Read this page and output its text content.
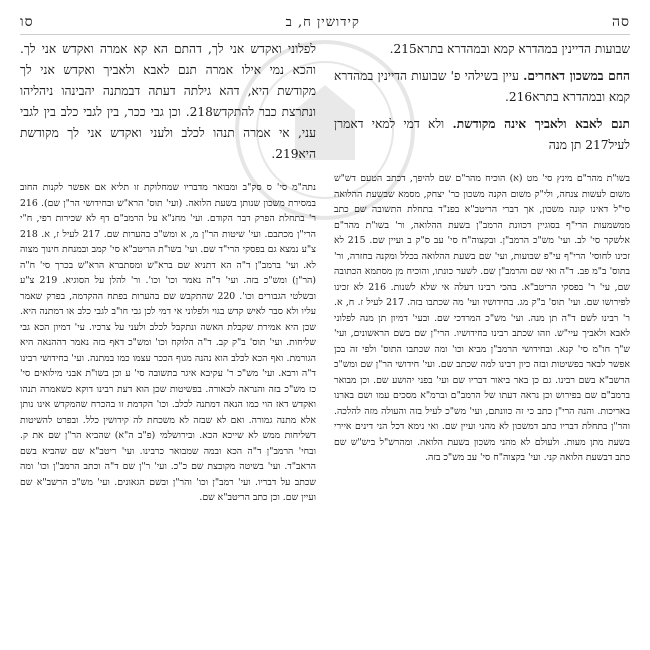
סה
קידושין ח, ב
סו

שבועות הדיינין במהדרא קמא ובמהדרא בתרא215.

החם במשכון דאחרים. עיין בשילהי פ' שבועות הדיינין במהדרא קמא ובמהדרא בתרא216.

תנם לאבא ולאביך אינה מקודשת. ולא דמי למאי דאמרן לעיל217 תן מנה

בשו"ת מהר"ם מינץ סי' מט (א) הוכיח מהר"ם שם להיפך, דכתב הטעם דש"ש משום לעשות צנחה, ולי"ק משום הקנה משכון כר' יצחק, מסמא שבשעת ההלואה סי"ל דאינו קונה משכון, אך דברי הריטב"א בפנ"ד בתחלת התשובה שם כתב ממשמעות הרי"ף בסוגיין דכוונת הרמב"ן בשעת ההלואה, ור' בשו"ת מהר"ם אלשקר סי' לב. ועי' מש"כ הרמב"ן. ובקצוה"ח סי' עב ס"ק ב ועיין שם. 215 לא זכינו לחוסי' הרי"ף עי"פ שבועות, ועי' שם בשעת ההלואה בכלל ומקנה בחזרה, ור' בתוס' ב"מ פב. ד"ה ואי שם והרמב"ן שם. לשער כונתו, והוכיח מן מסתמא הכתובה שם, עי' ר' בפסקי הריטב"א. בהכי רבינו דעלה אי שלא לשנות. 216 לא זכינו לפירושו שם. ועי' תוס' ב"ק מג. בחידושיו ועי' מה שכתבו בזה. 217 לעיל ז. ח, א. ר' רבינו לשם ד"ה תן מנה. ועי' מש"כ המרדכי שם. ובעי' דמיון תן מנה לפלוני לאבא ולאביך עיי"ש. וזהו שכתב רבינו בחידושיו. הרי"ן שם בשם הראשונים, ועי' ש"ך חו"מ סי' קנא. ובחידושי הרמב"ן מביא וכו' ומה שכתבו התוס' ולפי זה בכן אפשר לבאר בפשיטות ובזה כיון רבינו למה שכתב שם. ועי' חידושי הר"ן שם ומש"כ הרשב"א בשם רבינו. גם כן באר ביאור דבריו שם ועי' בפני יהושע שם. וכן מבואר ברמב"ם שם בפירוש וכן נראה דעתו של הרמב"ם וברמ"א מסכים עמו ושם בארנו באריכות. והנה הרי"ן כתב כי זה כוונתם, ועי' מש"כ לעיל בזה והעולה מזה להלכה. והר"ן בתחלת דבריו כתב דמשכון לא מהני ועיין שם. ואי נימא דכל הני דינים איירי בשעת מתן מעות. ולעולם לא מהני משכון בשעת הלואה. ומהרש"ל ביש"ש שם כתב דבשעת הלואה קני. ועי' בקצוה"ח סי' עב מש"כ בזה.

לפלוני ואקדש אני לך, דהתם הא קא אמרה ואקדש אני לך. והכא נמי אילו אמרה תנם לאבא ולאביך ואקדש אני לך מקודשת היא, דהא גילתה דעתה דבמתנה יהבינהו ניהליהו ונתרצת כבר להתקדש218. וכן גבי ככר, בין לגבי כלב בין לגבי עני, אי אמרה תנהו לכלב ולעני ואקדש אני לך מקודשת היא219.

נתה"מ סי' ס סק"ב ומבואר מדבריו שמחלוקת זו תליא אם אפשר לקנות החוב במסירת משכון שנותן בשעת הלואה. (ועי' תוס' הרא"ש ובחידושי הר"ן שם). 216 ר' בתחלת הפרק דבר הקודם. ועי' מחנ"א על הרמב"ם דף לא שכירות רפי, ח"י הרי"ן מכתבם. ועי' שיטות הר"ן מ, א ומש"כ בהערות שם. 217 לעיל ז, א. 218 צ"ע נמצא גם בפסקי הרי"ד שם. ועי' בשו"ת הריטב"א סי' קמב ובמנחת חינוך מצוה לא. ועי' ברמב"ן ד"ה הא דתניא שם ברא"ש ומסתברא הרא"ש בכרך סי' ח"ה (הר"ן) ומש"כ בזה. ועי' ד"ה נאמר וכו' וכו'. ור' להלן על הסוגיא. 219 צ"ע ובשלטי הגבורים וכו'. 220 שהתקבש שם בהערות בפתח ההקדמה, בפרק שאמר עליו ולא סבר לאיש קדש בגוי ולפלוני אי דמי לכן גבי חו"ב לגבי כלב או דמתנה היא. שכן היא אמירת שקבלת האשה ונתקבל לכלב ולעני על צרכיו. עי' דמיון הכא גבי שליחות. ועי' תוס' ב"ק קב. ד"ה הלוקח וכו' ומש"כ דאף בזה נאמר דההנאה היא הגורמת. ואף הכא לכלב הוא נהנה מגוף הככר עצמו כמו במתנה. ועי' בחידושי רבינו ד"ה ורבא. ועי' מש"כ ר' עקיבא איגר בתשובה סי' ע וכן בשו"ת אבני מילואים סי' כז מש"כ בזה והנראה לכאורה. בפשיטות שכן הוא דעת רבינו דוקא כשאמרה תנהו ואקדש דאז הוי כמו הנאה דמתנה לכלב. וכו' הקדמת זו בהכרח שהמקדש אינו נותן אלא מתנה גמורה. ואם לא שבזה לא משכחת לה קידושין כלל. ובפרט להשיטות דשליחות ממש לא שייכא הכא. ובירושלמי (פ"ב ה"א) שהביא הר"ן שם את ק. ובחי' הרמב"ן ד"ה הכא ובמה שמבואר כרבינו. ועי' ריטב"א שם שהביא בשם הראב"ד. ועי' בשיטה מקובצת שם כ"כ. ועי' ר"ן שם ד"ה וכתב הרמב"ן וכו' ומה שכתב על דבריו. ועי' רמב"ן וכו' והר"ן ובשם הגאונים. ועי' מש"כ הרשב"א שם ועיין שם. וכן כתב הריטב"א שם.
